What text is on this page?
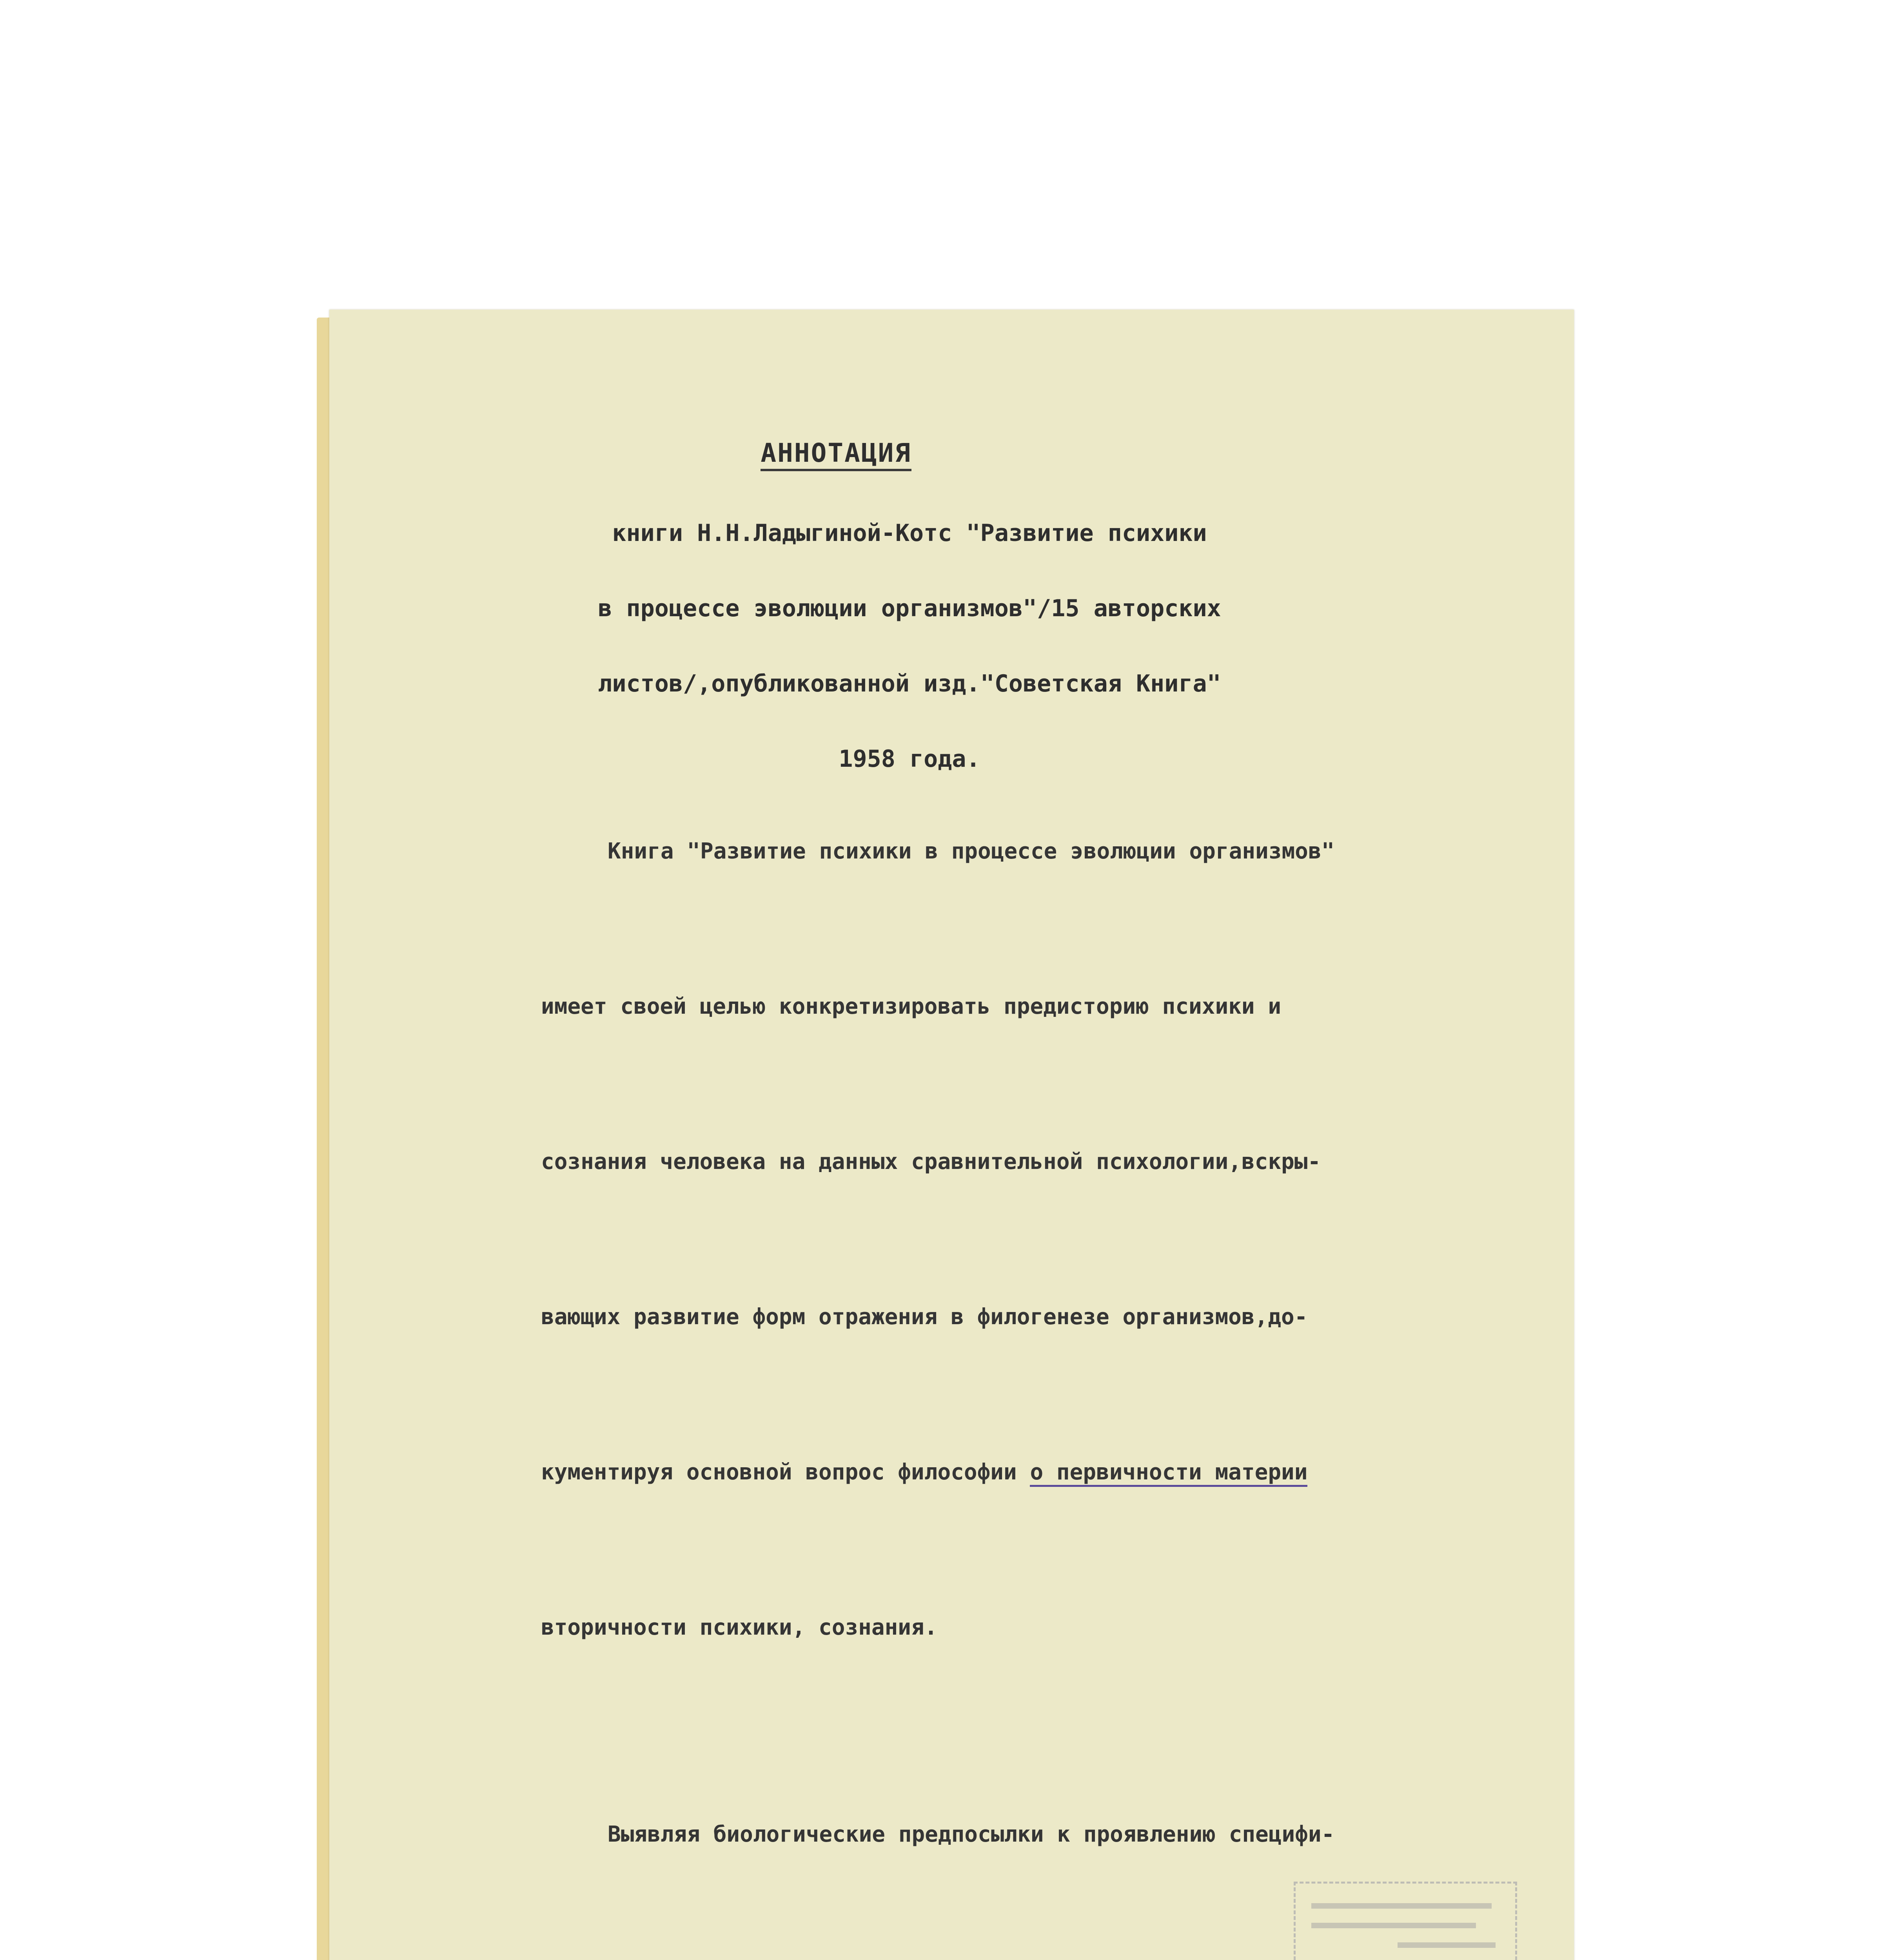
АННОТАЦИЯ

книги Н.Н.Ладыгиной-Котс "Развитие психики

в процессе эволюции организмов"/15 авторских

листов/,опубликованной изд."Советская Книга"

1958 года.

Книга "Развитие психики в процессе эволюции организмов"

имеет своей целью конкретизировать предисторию психики и

сознания человека на данных сравнительной психологии,вскры-

вающих развитие форм отражения в филогенезе организмов,до-

кументируя основной вопрос философии о первичности материи

вторичности психики, сознания.

Выявляя биологические предпосылки к проявлению специфи-
